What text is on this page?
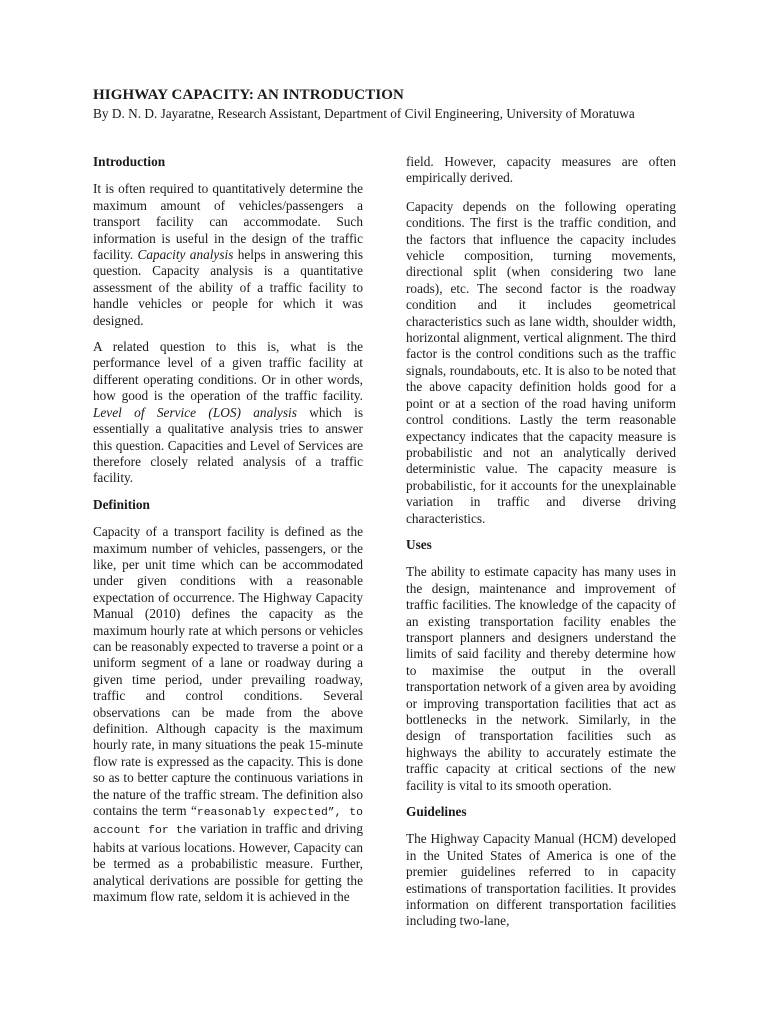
HIGHWAY CAPACITY: AN INTRODUCTION
By D. N. D. Jayaratne, Research Assistant, Department of Civil Engineering, University of Moratuwa
Introduction

It is often required to quantitatively determine the maximum amount of vehicles/passengers a transport facility can accommodate. Such information is useful in the design of the traffic facility. Capacity analysis helps in answering this question. Capacity analysis is a quantitative assessment of the ability of a traffic facility to handle vehicles or people for which it was designed.

A related question to this is, what is the performance level of a given traffic facility at different operating conditions. Or in other words, how good is the operation of the traffic facility. Level of Service (LOS) analysis which is essentially a qualitative analysis tries to answer this question. Capacities and Level of Services are therefore closely related analysis of a traffic facility.

Definition

Capacity of a transport facility is defined as the maximum number of vehicles, passengers, or the like, per unit time which can be accommodated under given conditions with a reasonable expectation of occurrence. The Highway Capacity Manual (2010) defines the capacity as the maximum hourly rate at which persons or vehicles can be reasonably expected to traverse a point or a uniform segment of a lane or roadway during a given time period, under prevailing roadway, traffic and control conditions. Several observations can be made from the above definition. Although capacity is the maximum hourly rate, in many situations the peak 15-minute flow rate is expressed as the capacity. This is done so as to better capture the continuous variations in the nature of the traffic stream. The definition also contains the term “reasonably expected”, to account for the variation in traffic and driving habits at various locations. However, Capacity can be termed as a probabilistic measure. Further, analytical derivations are possible for getting the maximum flow rate, seldom it is achieved in the

field. However, capacity measures are often empirically derived.

Capacity depends on the following operating conditions. The first is the traffic condition, and the factors that influence the capacity includes vehicle composition, turning movements, directional split (when considering two lane roads), etc. The second factor is the roadway condition and it includes geometrical characteristics such as lane width, shoulder width, horizontal alignment, vertical alignment. The third factor is the control conditions such as the traffic signals, roundabouts, etc. It is also to be noted that the above capacity definition holds good for a point or at a section of the road having uniform control conditions. Lastly the term reasonable expectancy indicates that the capacity measure is probabilistic and not an analytically derived deterministic value. The capacity measure is probabilistic, for it accounts for the unexplainable variation in traffic and diverse driving characteristics.

Uses

The ability to estimate capacity has many uses in the design, maintenance and improvement of traffic facilities. The knowledge of the capacity of an existing transportation facility enables the transport planners and designers understand the limits of said facility and thereby determine how to maximise the output in the overall transportation network of a given area by avoiding or improving transportation facilities that act as bottlenecks in the network. Similarly, in the design of transportation facilities such as highways the ability to accurately estimate the traffic capacity at critical sections of the new facility is vital to its smooth operation.

Guidelines

The Highway Capacity Manual (HCM) developed in the United States of America is one of the premier guidelines referred to in capacity estimations of transportation facilities. It provides information on different transportation facilities including two-lane,
